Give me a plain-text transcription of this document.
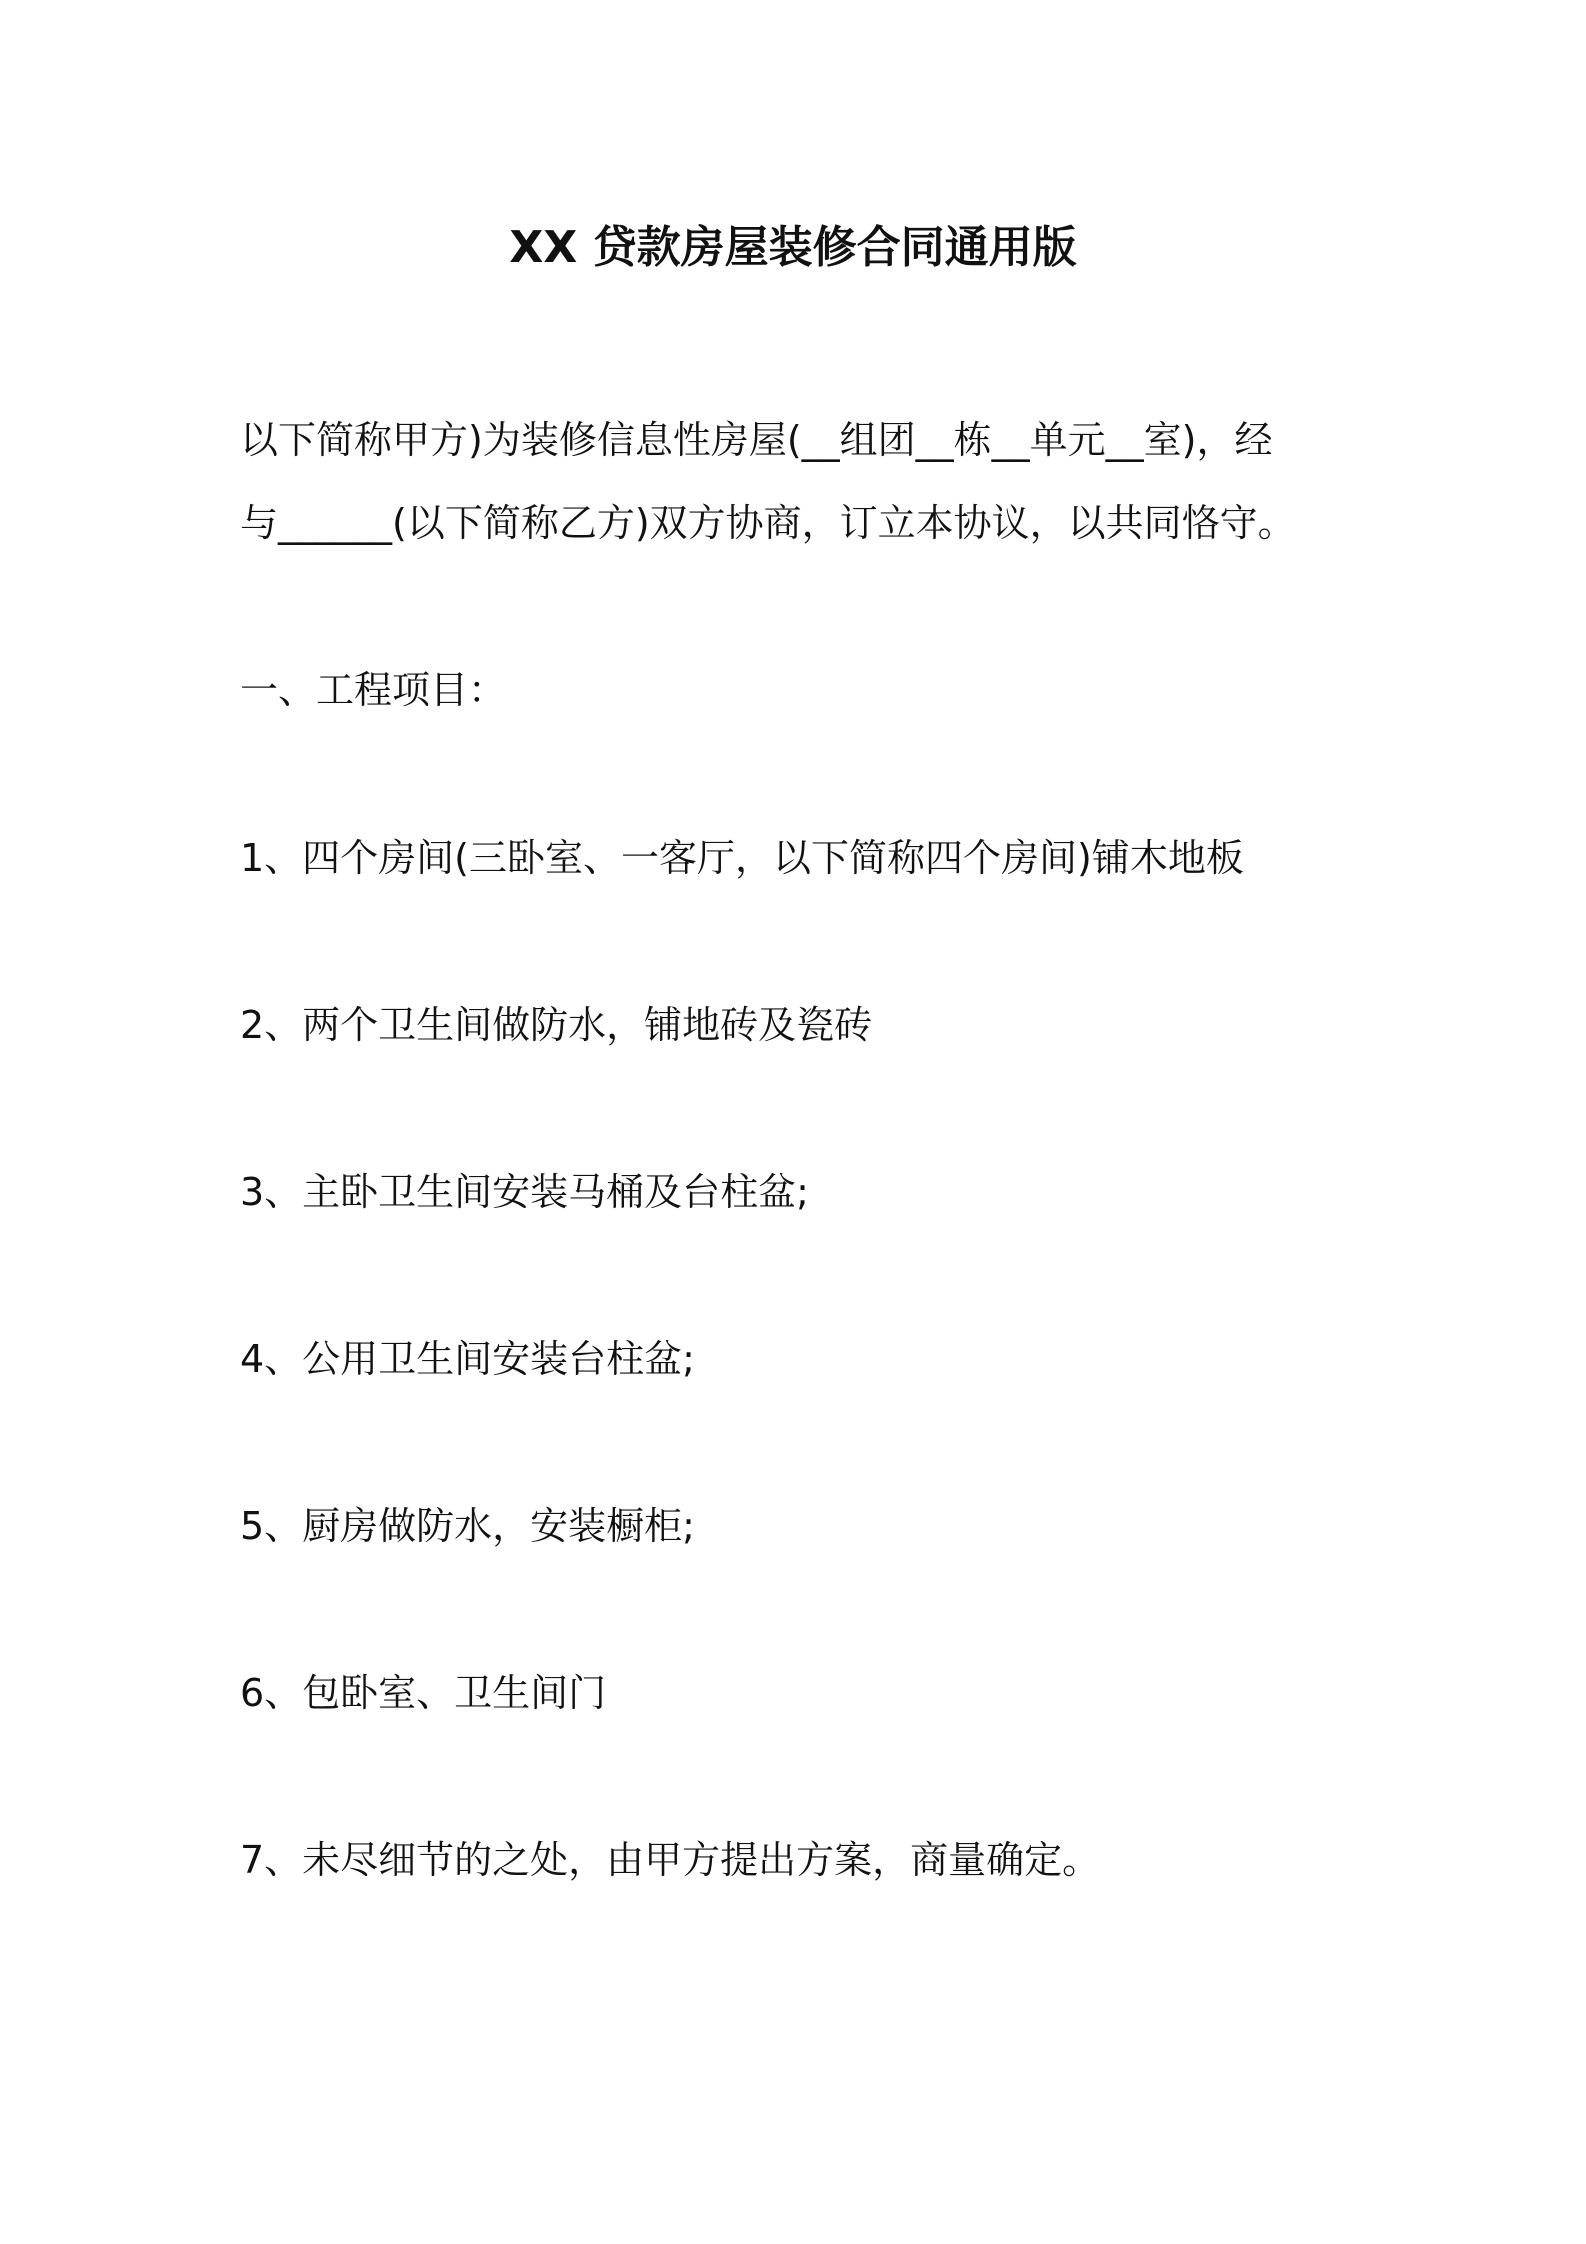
XX 贷款房屋装修合同通用版

以下简称甲方)为装修信息性房屋(__组团__栋__单元__室)，经

与______(以下简称乙方)双方协商，订立本协议，以共同恪守。

一、工程项目：

1、四个房间(三卧室、一客厅，以下简称四个房间)铺木地板

2、两个卫生间做防水，铺地砖及瓷砖

3、主卧卫生间安装马桶及台柱盆;

4、公用卫生间安装台柱盆;

5、厨房做防水，安装橱柜;

6、包卧室、卫生间门

7、未尽细节的之处，由甲方提出方案，商量确定。
